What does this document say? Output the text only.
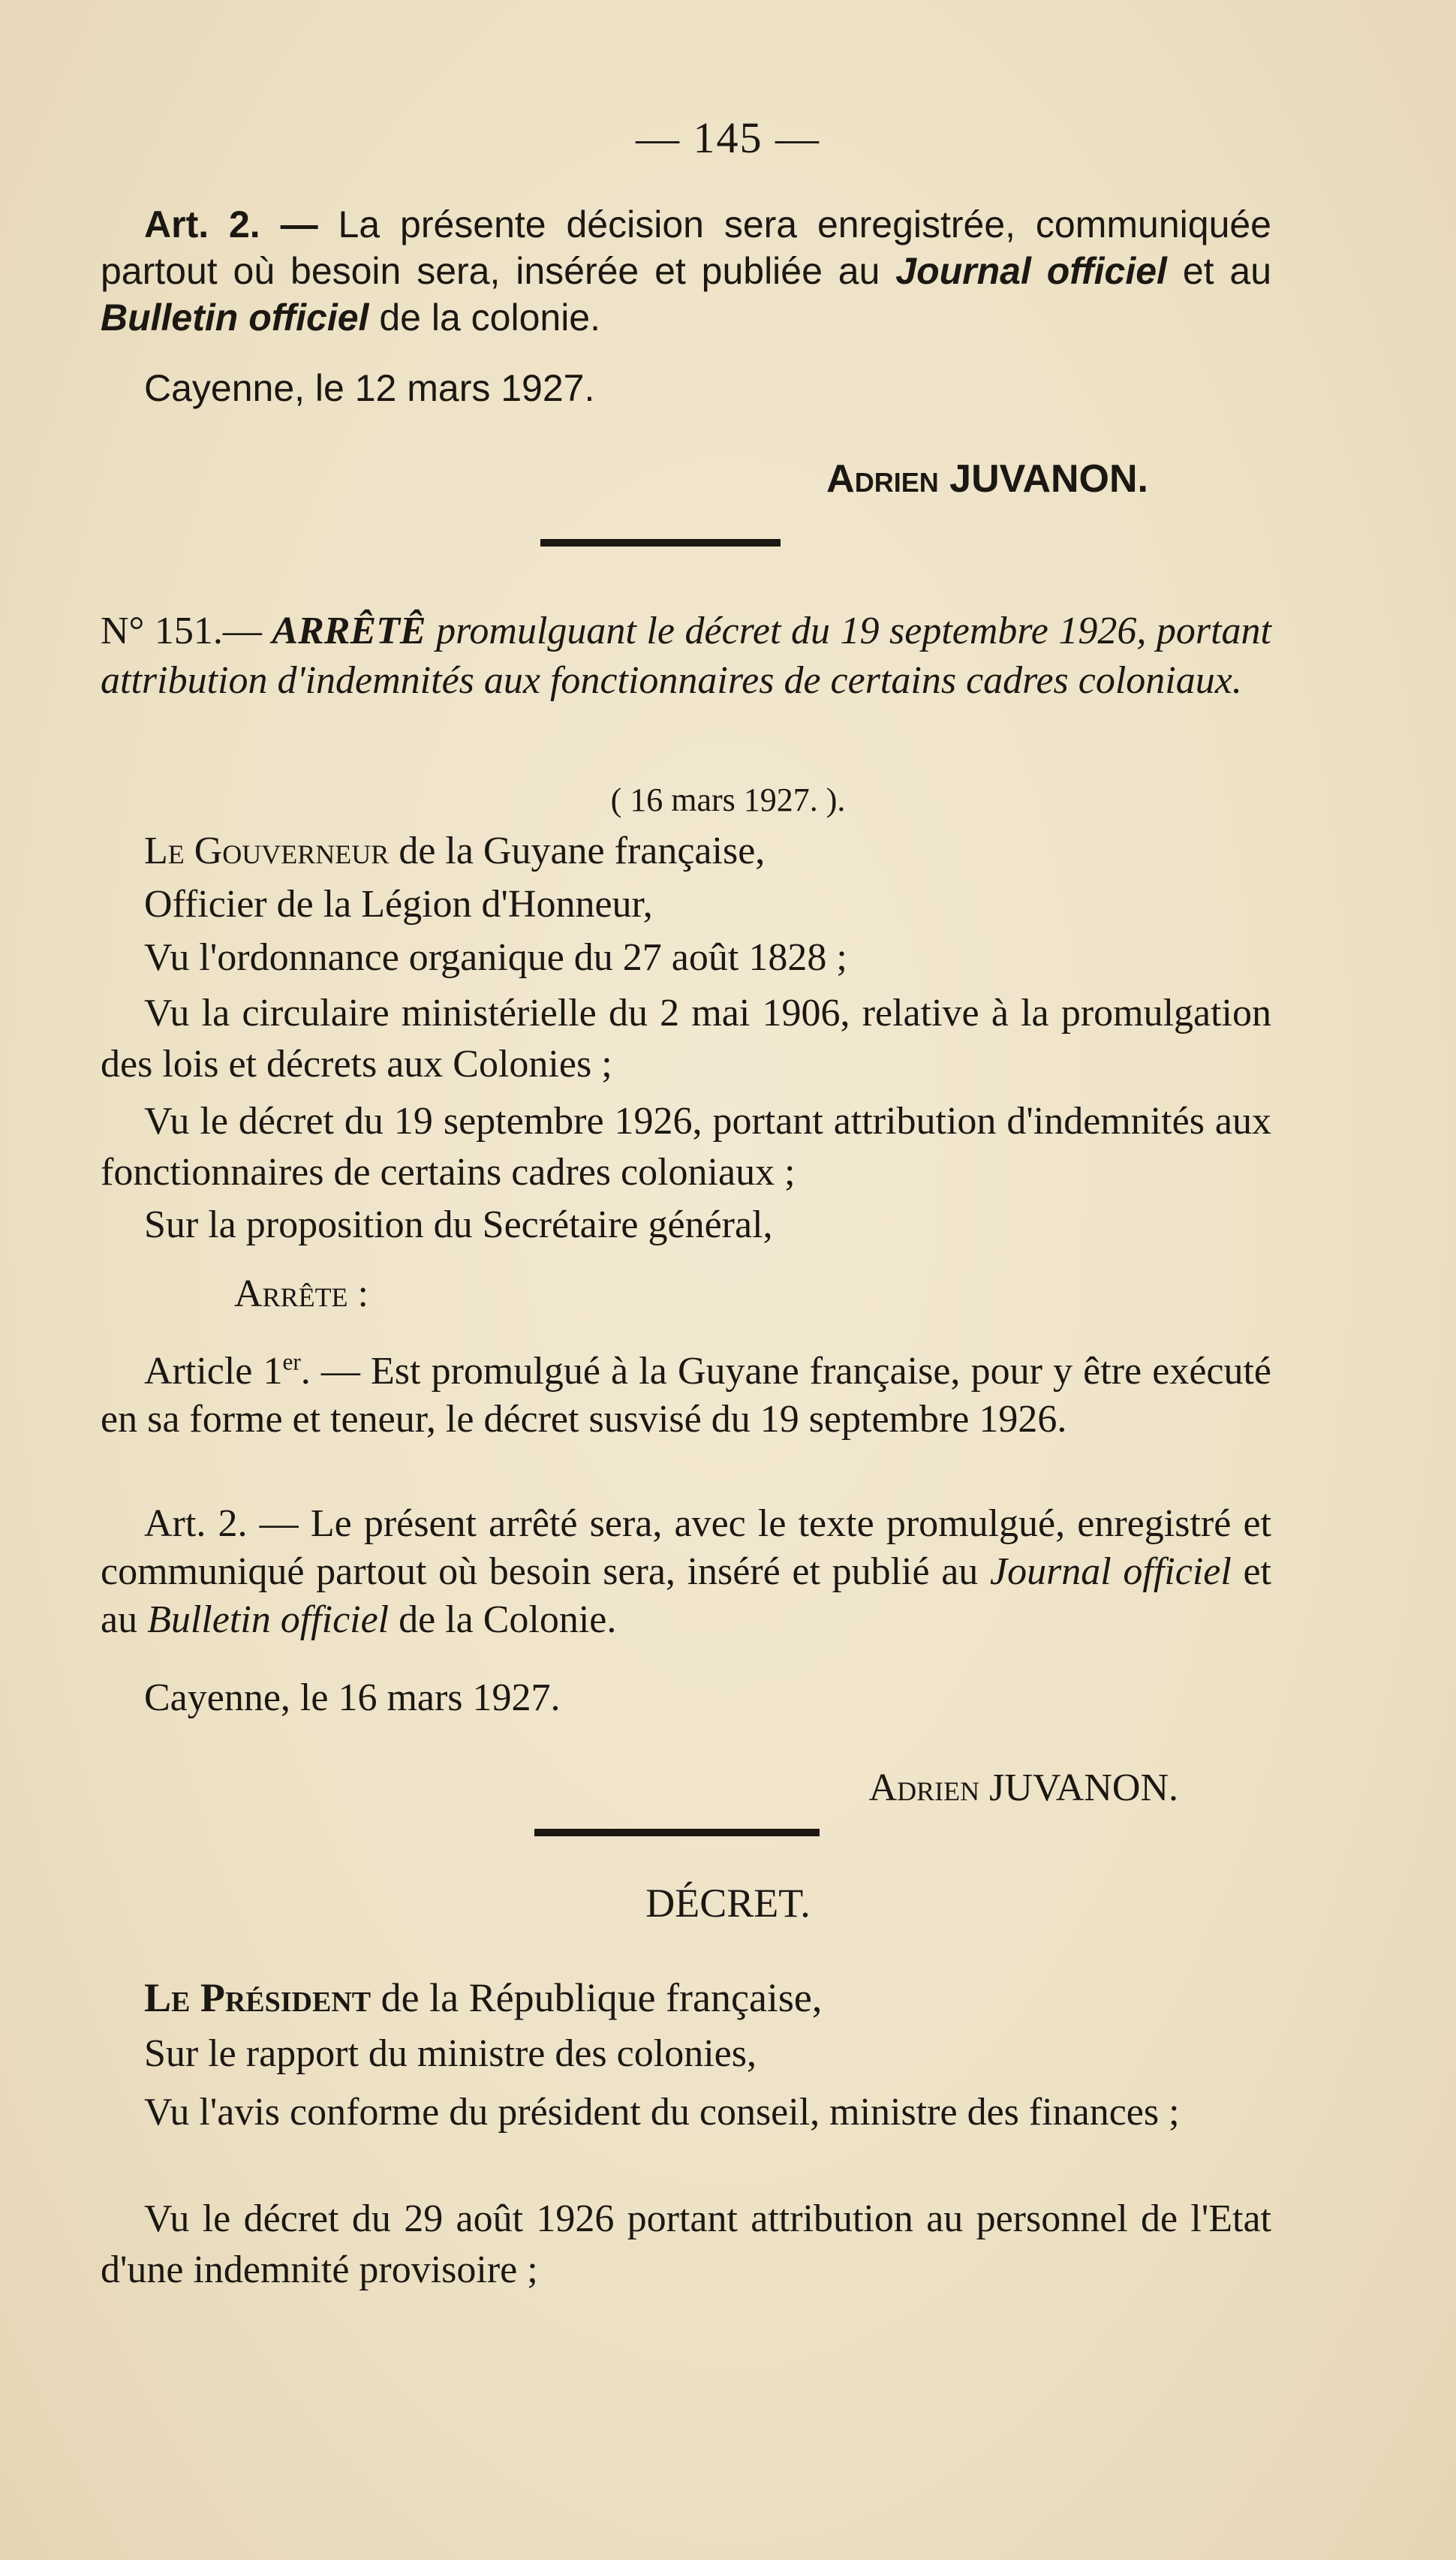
— 145 —
Art. 2. — La présente décision sera enregistrée, communiquée partout où besoin sera, insérée et publiée au Journal officiel et au Bulletin officiel de la colonie.
Cayenne, le 12 mars 1927.
Adrien JUVANON.
N° 151.— ARRÊTÊ promulguant le décret du 19 septembre 1926, portant attribution d'indemnités aux fonctionnaires de certains cadres coloniaux.
( 16 mars 1927. ).
Le Gouverneur de la Guyane française,
Officier de la Légion d'Honneur,
Vu l'ordonnance organique du 27 août 1828 ;
Vu la circulaire ministérielle du 2 mai 1906, relative à la promulgation des lois et décrets aux Colonies ;
Vu le décret du 19 septembre 1926, portant attribution d'indemnités aux fonctionnaires de certains cadres coloniaux ;
Sur la proposition du Secrétaire général,
Arrête :
Article 1er. — Est promulgué à la Guyane française, pour y être exécuté en sa forme et teneur, le décret susvisé du 19 septembre 1926.
Art. 2. — Le présent arrêté sera, avec le texte promulgué, enregistré et communiqué partout où besoin sera, inséré et publié au Journal officiel et au Bulletin officiel de la Colonie.
Cayenne, le 16 mars 1927.
Adrien JUVANON.
DÉCRET.
Le Président de la République française,
Sur le rapport du ministre des colonies,
Vu l'avis conforme du président du conseil, ministre des finances ;
Vu le décret du 29 août 1926 portant attribution au personnel de l'Etat d'une indemnité provisoire ;
